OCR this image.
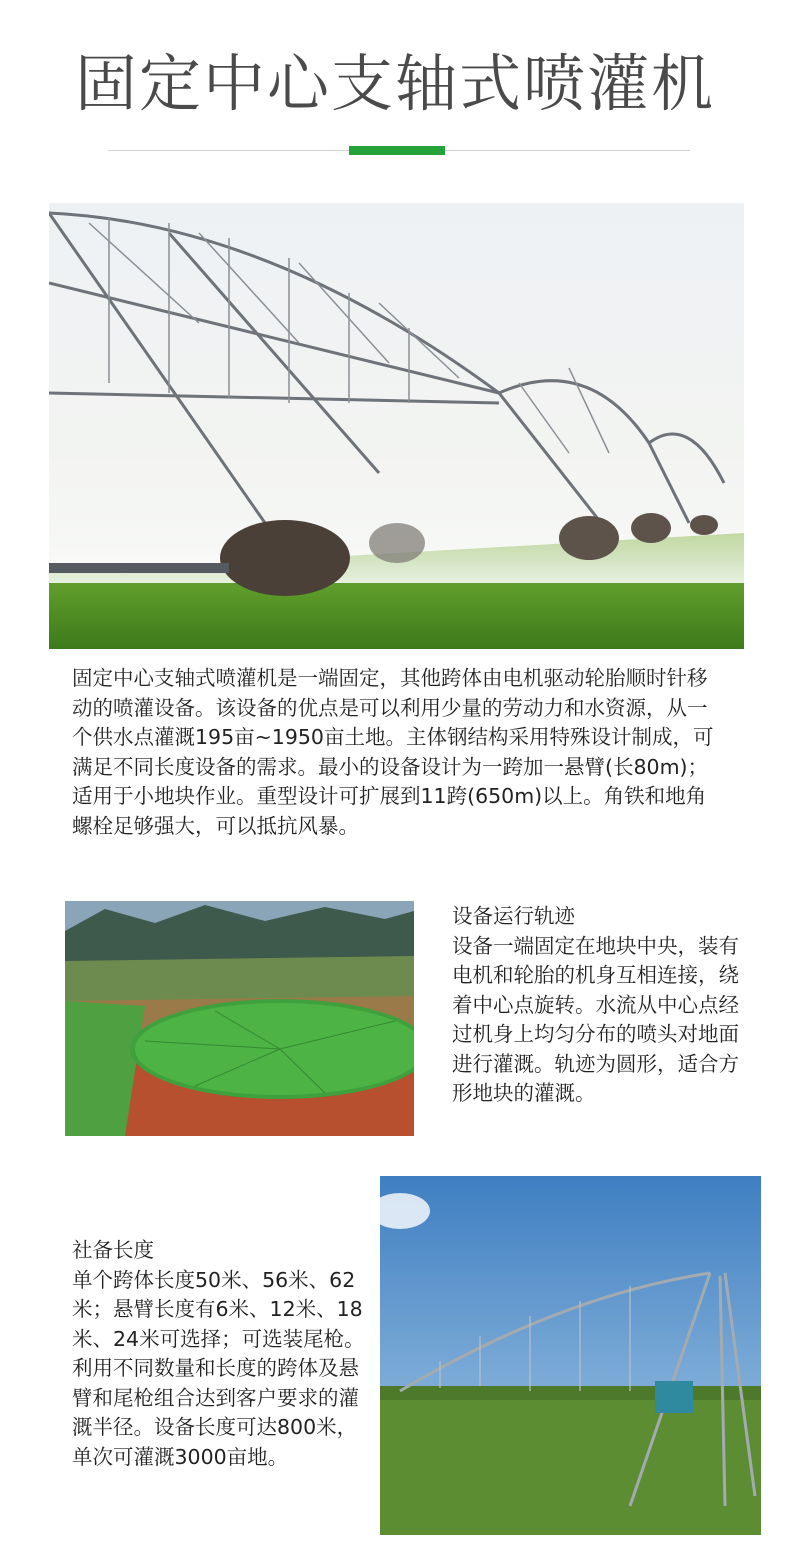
固定中心支轴式喷灌机
固定中心支轴式喷灌机是一端固定，其他跨体由电机驱动轮胎顺时针移动的喷灌设备。该设备的优点是可以利用少量的劳动力和水资源，从一个供水点灌溉195亩~1950亩土地。主体钢结构采用特殊设计制成，可满足不同长度设备的需求。最小的设备设计为一跨加一悬臂(长80m)；适用于小地块作业。重型设计可扩展到11跨(650m)以上。角铁和地角螺栓足够强大，可以抵抗风暴。
设备运行轨迹
设备一端固定在地块中央，装有电机和轮胎的机身互相连接，绕着中心点旋转。水流从中心点经过机身上均匀分布的喷头对地面进行灌溉。轨迹为圆形，适合方形地块的灌溉。
社备长度
单个跨体长度50米、56米、62米；悬臂长度有6米、12米、18米、24米可选择；可选装尾枪。利用不同数量和长度的跨体及悬臂和尾枪组合达到客户要求的灌溉半径。设备长度可达800米，单次可灌溉3000亩地。
